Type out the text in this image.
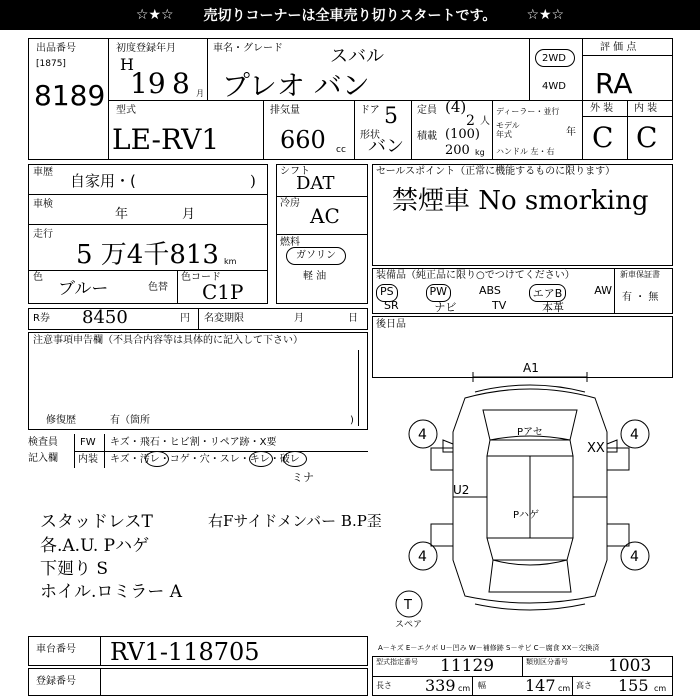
☆★☆ 売切りコーナーは全車売り切りスタートです。 ☆★☆
出品番号
[1875]
8189
初度登録年月
H
19 8 月
車名・グレード	スバル
プレオ バン
型式
LE-RV1
排気量
660 cc
ドア 5
形状
バン
定員 (4)
2 人
積載 (100)
200 kg
ディーラー・並行
モデル年式	年
ハンドル 左・右
2WD
4WD
評 価 点
RA
外 装 内 装
C C
車歴 自家用・(	)
車検
年	月
走行
5 万4千813 km
色
ブルー	色替
色コード
C1P
シフト
DAT
冷房
AC
燃料
ガソリン
軽 油
セールスポイント（正常に機能するものに限ります）
禁煙車 No smorking
装備品（純正品に限り○でつけてください）
PS	PW	ABS	エアB	AW
SR	ナビ	TV	本革
新車保証書
有 ・ 無
R券 8450	円 名変期限	月	日
後日品
注意事項申告欄（不具合内容等は具体的に記入して下さい）
修復歴	有（箇所	)
検査員
記入欄
FW
内装
キズ・飛石・ヒビ割・リペア跡・X要
キズ・汚レ・コゲ・穴・スレ・キレ・破レ
ミナ
スタッドレスT
各.A.U. Pハゲ
下廻り S
ホイル.ロミラー A
右Fサイドメンバー B.P歪
A1
XX
Pアセ
U2
Pハゲ
4	4
4	4
T
スペア
車台番号 RV1-118705
登録番号
A－キズ E－エクボ U－凹み W－補修跡 S－サビ C－腐食 XX－交換済
型式指定番号 11129	類別区分番号 1003
長さ 339 cm 幅 147 cm 高さ 155 cm
